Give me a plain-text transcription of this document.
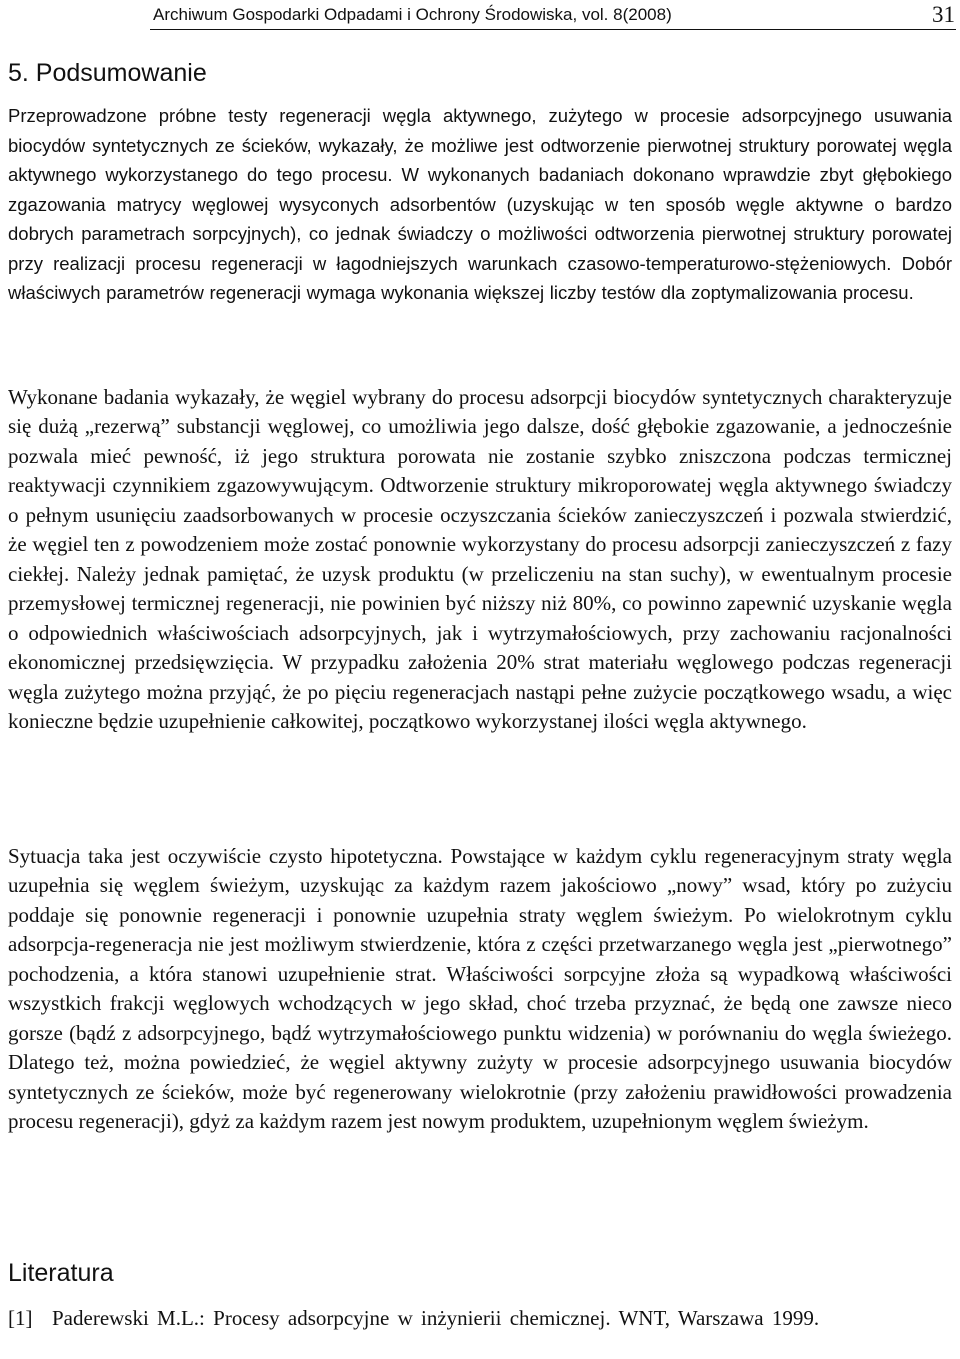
Archiwum Gospodarki Odpadami i Ochrony Środowiska, vol. 8(2008)	31
5. Podsumowanie

Przeprowadzone próbne testy regeneracji węgla aktywnego, zużytego w procesie adsorpcyjnego usuwania biocydów syntetycznych ze ścieków, wykazały, że możliwe jest odtworzenie pierwotnej struktury porowatej węgla aktywnego wykorzystanego do tego procesu. W wykonanych badaniach dokonano wprawdzie zbyt głębokiego zgazowania matrycy węglowej wysyconych adsorbentów (uzyskując w ten sposób węgle aktywne o bardzo dobrych parametrach sorpcyjnych), co jednak świadczy o możliwości odtworzenia pierwotnej struktury porowatej przy realizacji procesu regeneracji w łagodniejszych warunkach czasowo-temperaturowo-stężeniowych. Dobór właściwych parametrów regeneracji wymaga wykonania większej liczby testów dla zoptymalizowania procesu.

Wykonane badania wykazały, że węgiel wybrany do procesu adsorpcji biocydów syntetycznych charakteryzuje się dużą „rezerwą” substancji węglowej, co umożliwia jego dalsze, dość głębokie zgazowanie, a jednocześnie pozwala mieć pewność, iż jego struktura porowata nie zostanie szybko zniszczona podczas termicznej reaktywacji czynnikiem zgazowywującym. Odtworzenie struktury mikroporowatej węgla aktywnego świadczy o pełnym usunięciu zaadsorbowanych w procesie oczyszczania ścieków zanieczyszczeń i pozwala stwierdzić, że węgiel ten z powodzeniem może zostać ponownie wykorzystany do procesu adsorpcji zanieczyszczeń z fazy ciekłej. Należy jednak pamiętać, że uzysk produktu (w przeliczeniu na stan suchy), w ewentualnym procesie przemysłowej termicznej regeneracji, nie powinien być niższy niż 80%, co powinno zapewnić uzyskanie węgla o odpowiednich właściwościach adsorpcyjnych, jak i wytrzymałościowych, przy zachowaniu racjonalności ekonomicznej przedsięwzięcia. W przypadku założenia 20% strat materiału węglowego podczas regeneracji węgla zużytego można przyjąć, że po pięciu regeneracjach nastąpi pełne zużycie początkowego wsadu, a więc konieczne będzie uzupełnienie całkowitej, początkowo wykorzystanej ilości węgla aktywnego.

Sytuacja taka jest oczywiście czysto hipotetyczna. Powstające w każdym cyklu regeneracyjnym straty węgla uzupełnia się węglem świeżym, uzyskując za każdym razem jakościowo „nowy” wsad, który po zużyciu poddaje się ponownie regeneracji i ponownie uzupełnia straty węglem świeżym. Po wielokrotnym cyklu adsorpcja-regeneracja nie jest możliwym stwierdzenie, która z części przetwarzanego węgla jest „pierwotnego” pochodzenia, a która stanowi uzupełnienie strat. Właściwości sorpcyjne złoża są wypadkową właściwości wszystkich frakcji węglowych wchodzących w jego skład, choć trzeba przyznać, że będą one zawsze nieco gorsze (bądź z adsorpcyjnego, bądź wytrzymałościowego punktu widzenia) w porównaniu do węgla świeżego. Dlatego też, można powiedzieć, że węgiel aktywny zużyty w procesie adsorpcyjnego usuwania biocydów syntetycznych ze ścieków, może być regenerowany wielokrotnie (przy założeniu prawidłowości prowadzenia procesu regeneracji), gdyż za każdym razem jest nowym produktem, uzupełnionym węglem świeżym.

Literatura
[1] Paderewski M.L.: Procesy adsorpcyjne w inżynierii chemicznej. WNT, Warszawa 1999.
